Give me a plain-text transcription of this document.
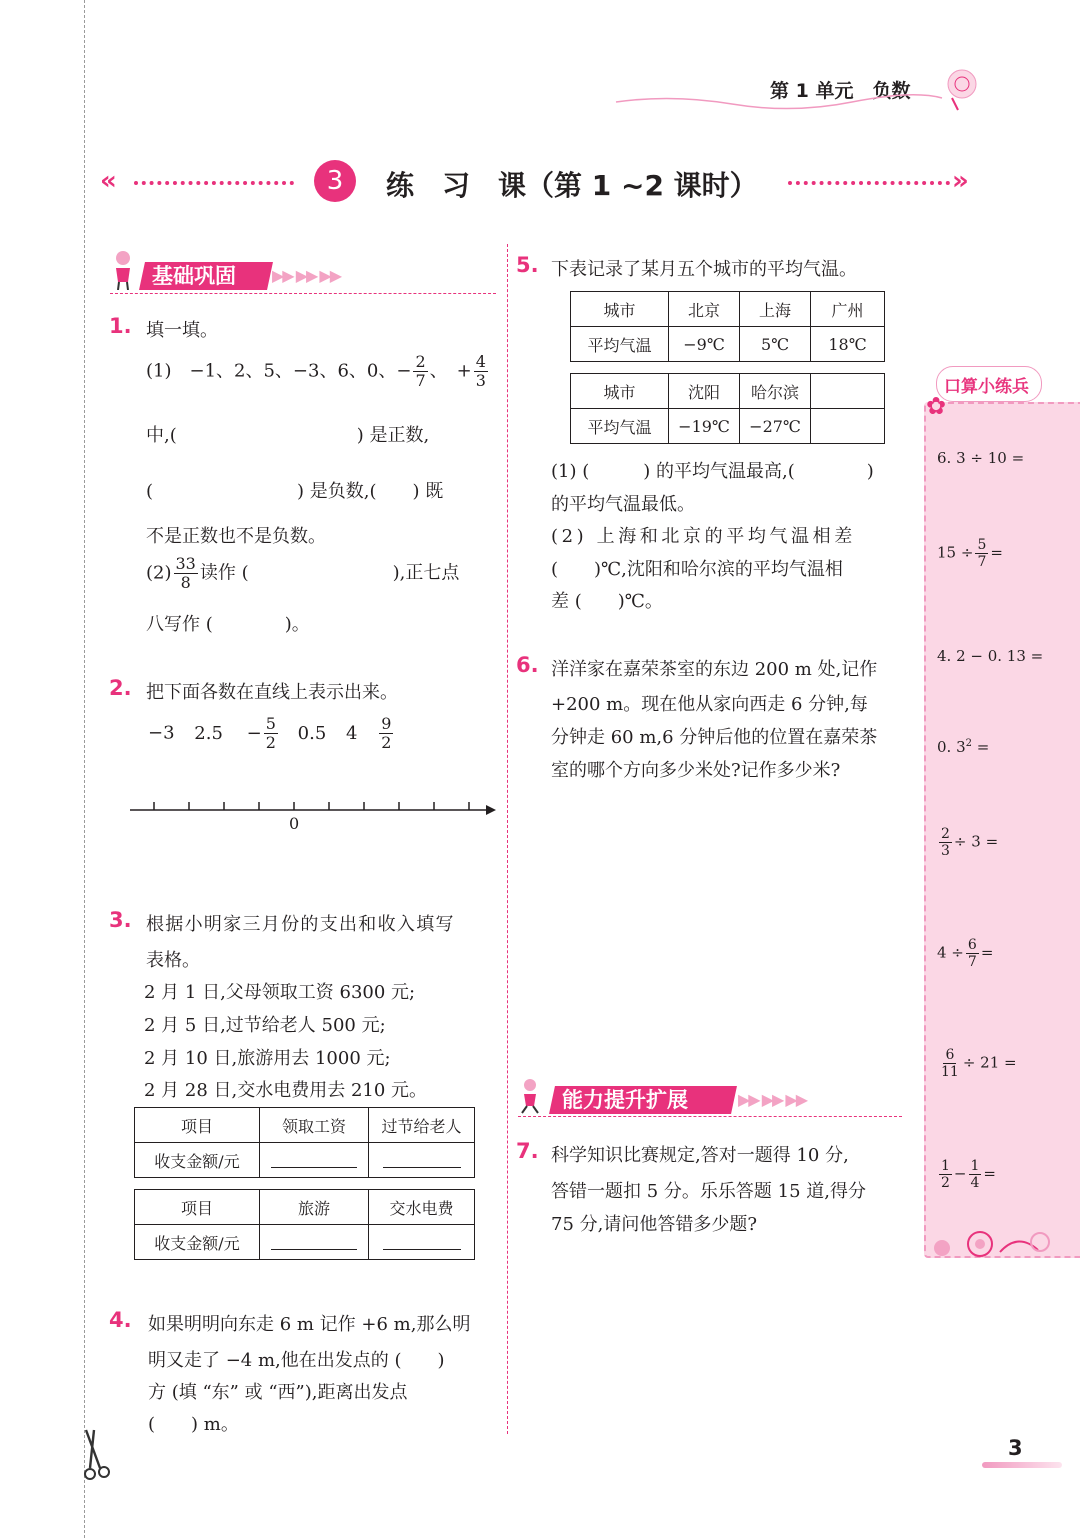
第 1 单元　负数
«	3	练　习　课（第 1 ~2 课时）	»
基础巩固	▶▶ ▶▶ ▶▶
1. 填一填。
(1)　−1、2、5、−3、6、0、− $\frac{2}{7}$ 、　+ $\frac{4}{3}$
中,(　　　　　　　　　　) 是正数,
(　　　　　　　　) 是负数,(　　) 既
不是正数也不是负数。
$(2) \frac{33}{8}$ 读作 (　　　　　　　　),正七点
八写作 (　　　　)。
2. 把下面各数在直线上表示出来。
−3 $2.5 - \frac{5}{2} 0.5$ $4 \frac{9}{2}$
0
3. 根据小明家三月份的支出和收入填写
表格。
2 月 1 日,父母领取工资 6300 元;
2 月 5 日,过节给老人 500 元;
2 月 10 日,旅游用去 1000 元;
2 月 28 日,交水电费用去 210 元。
项目	领取工资	过节给老人
收支金额/元		
项目	旅游	交水电费
收支金额/元		
4. 如果明明向东走 6 m 记作 +6 m,那么明
明又走了 −4 m,他在出发点的 (　　)
方 (填 “东” 或 “西”),距离出发点
(　　) m。
5. 下表记录了某月五个城市的平均气温。
城市	北京	上海	广州
平均气温	−9℃	5℃	18℃
城市	沈阳	哈尔滨	
平均气温	−19℃	−27℃	
(1) (　　　) 的平均气温最高,(　　　　)
的平均气温最低。
(2) 上海和北京的平均气温相差
(　　)℃,沈阳和哈尔滨的平均气温相
差 (　　)℃。
6. 洋洋家在嘉荣茶室的东边 200 m 处,记作
+200 m。现在他从家向西走 6 分钟,每
分钟走 60 m,6 分钟后他的位置在嘉荣茶
室的哪个方向多少米处?记作多少米?
能力提升扩展	▶▶ ▶▶ ▶▶
7. 科学知识比赛规定,答对一题得 10 分,
答错一题扣 5 分。乐乐答题 15 道,得分
75 分,请问他答错多少题?
口算小练兵
✿
6. 3 ÷ 10 =
$15 \div \frac{5}{7}$ =
4. 2 − 0. 13 =
0. $3^2$ =
$\frac{2}{3} \div 3$ =
$4 \div \frac{6}{7}$ =
$\frac{6}{11} \div 21$ =
$\frac{1}{2} - \frac{1}{4}$ =
3
